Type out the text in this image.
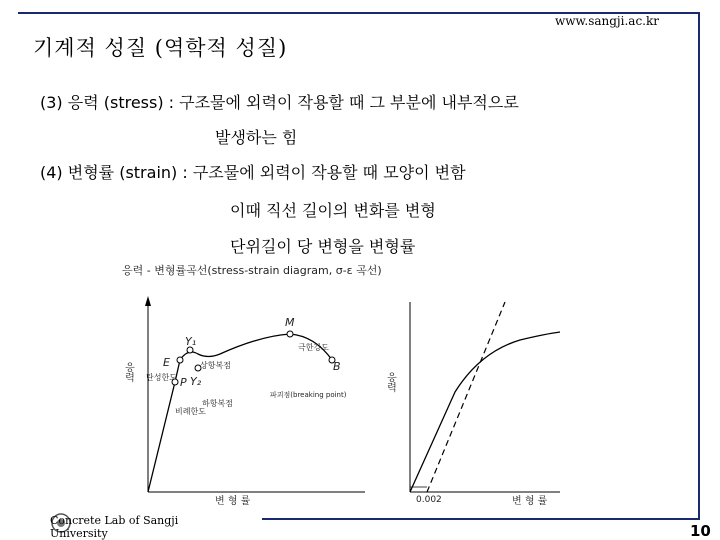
www.sangji.ac.kr
기계적 성질 (역학적 성질)
(3) 응력 (stress) : 구조물에 외력이 작용할 때 그 부분에 내부적으로
발생하는 힘
(4) 변형률 (strain) : 구조물에 외력이 작용할 때 모양이 변함
이때 직선 길이의 변화를 변형
단위길이 당 변형을 변형률
응력 - 변형률곡선(stress-strain diagram, σ-ε 곡선)
응력
변 형 률
M
B
E
P
Y₁
Y₂
극한강도
상항복점
하항복점
탄성한도
비례한도
파괴점(breaking point)
응력
변 형 률
0.002
Concrete Lab of Sangji University	10
